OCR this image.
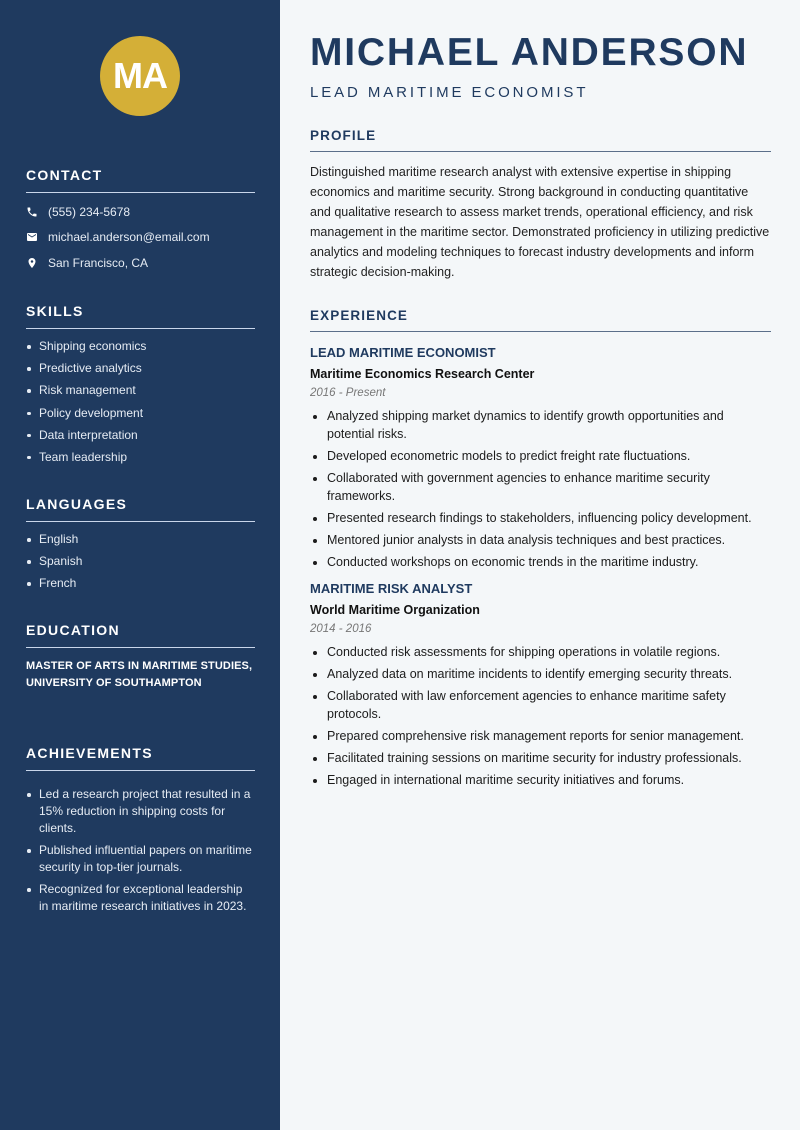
MA
CONTACT
(555) 234-5678
michael.anderson@email.com
San Francisco, CA
SKILLS
Shipping economics
Predictive analytics
Risk management
Policy development
Data interpretation
Team leadership
LANGUAGES
English
Spanish
French
EDUCATION

MASTER OF ARTS IN MARITIME STUDIES, UNIVERSITY OF SOUTHAMPTON

ACHIEVEMENTS
Led a research project that resulted in a 15% reduction in shipping costs for clients.
Published influential papers on maritime security in top-tier journals.
Recognized for exceptional leadership in maritime research initiatives in 2023.
MICHAEL ANDERSON
LEAD MARITIME ECONOMIST
PROFILE

Distinguished maritime research analyst with extensive expertise in shipping economics and maritime security. Strong background in conducting quantitative and qualitative research to assess market trends, operational efficiency, and risk management in the maritime sector. Demonstrated proficiency in utilizing predictive analytics and modeling techniques to forecast industry developments and inform strategic decision-making.

EXPERIENCE
LEAD MARITIME ECONOMIST
Maritime Economics Research Center
2016 - Present
Analyzed shipping market dynamics to identify growth opportunities and potential risks.
Developed econometric models to predict freight rate fluctuations.
Collaborated with government agencies to enhance maritime security frameworks.
Presented research findings to stakeholders, influencing policy development.
Mentored junior analysts in data analysis techniques and best practices.
Conducted workshops on economic trends in the maritime industry.
MARITIME RISK ANALYST
World Maritime Organization
2014 - 2016
Conducted risk assessments for shipping operations in volatile regions.
Analyzed data on maritime incidents to identify emerging security threats.
Collaborated with law enforcement agencies to enhance maritime safety protocols.
Prepared comprehensive risk management reports for senior management.
Facilitated training sessions on maritime security for industry professionals.
Engaged in international maritime security initiatives and forums.
